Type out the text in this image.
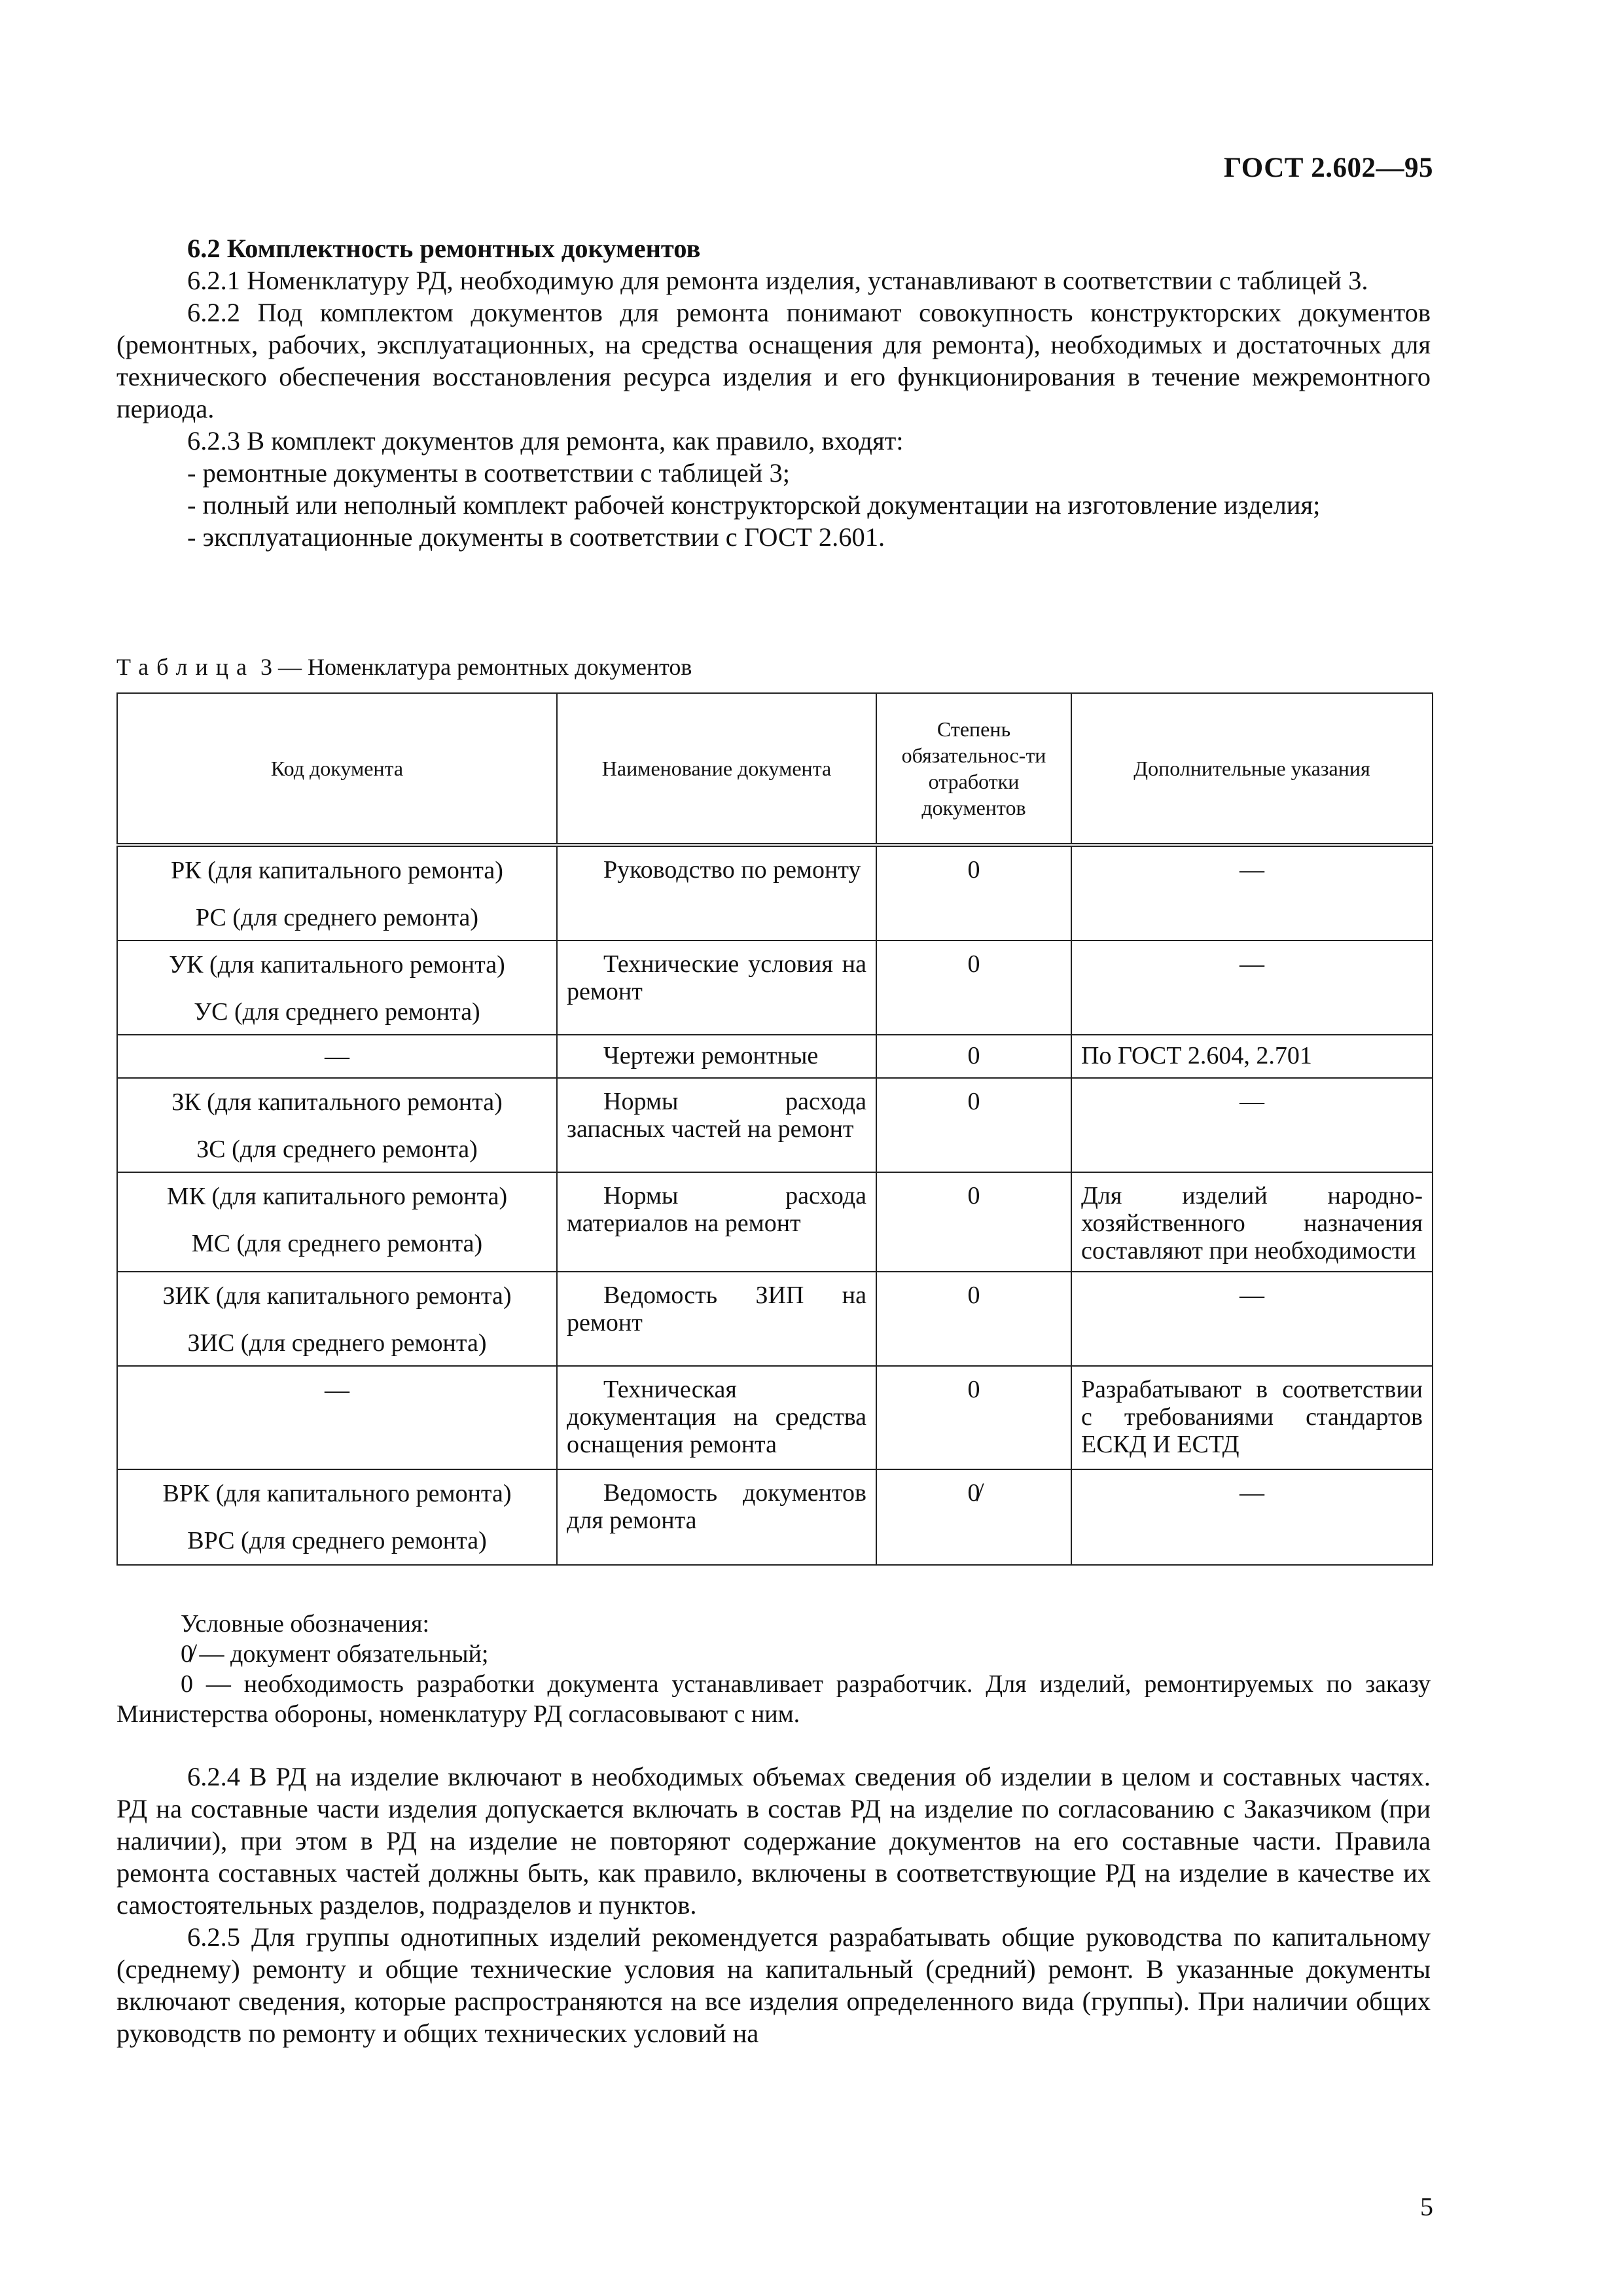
ГОСТ 2.602—95

6.2 Комплектность ремонтных документов

6.2.1 Номенклатуру РД, необходимую для ремонта изделия, устанавливают в соответствии с таблицей 3.

6.2.2 Под комплектом документов для ремонта понимают совокупность конструкторских документов (ремонтных, рабочих, эксплуатационных, на средства оснащения для ремонта), необходимых и достаточных для технического обеспечения восстановления ресурса изделия и его функционирования в течение межремонтного периода.

6.2.3 В комплект документов для ремонта, как правило, входят:

- ремонтные документы в соответствии с таблицей 3;

- полный или неполный комплект рабочей конструкторской документации на изготовление изделия;

- эксплуатационные документы в соответствии с ГОСТ 2.601.

Таблица 3 — Номенклатура ремонтных документов
Код документа	Наименование документа	Степень обязательнос-ти отработки документов	Дополнительные указания

РК (для капитального ремонта)
РС (для среднего ремонта)	Руководство по ремонту	0	—

УК (для капитального ремонта)
УС (для среднего ремонта)	Технические условия на ремонт	0	—

—	Чертежи ремонтные	0	По ГОСТ 2.604, 2.701

ЗК (для капитального ремонта)
ЗС (для среднего ремонта)	Нормы расхода запасных частей на ремонт	0	—

МК (для капитального ремонта)
МС (для среднего ремонта)	Нормы расхода материалов на ремонт	0	Для изделий народно-хозяйственного назначения составляют при необходимости

ЗИК (для капитального ремонта)
ЗИС (для среднего ремонта)	Ведомость ЗИП на ремонт	0	—

—	Техническая документация на средства оснащения ремонта	0	Разрабатывают в соответствии с требованиями стандартов ЕСКД И ЕСТД

ВРК (для капитального ремонта)
ВРС (для среднего ремонта)	Ведомость документов для ремонта	0̸	—

Условные обозначения:

0̸ — документ обязательный;

0 — необходимость разработки документа устанавливает разработчик. Для изделий, ремонтируемых по заказу Министерства обороны, номенклатуру РД согласовывают с ним.

6.2.4 В РД на изделие включают в необходимых объемах сведения об изделии в целом и составных частях. РД на составные части изделия допускается включать в состав РД на изделие по согласованию с Заказчиком (при наличии), при этом в РД на изделие не повторяют содержание документов на его составные части. Правила ремонта составных частей должны быть, как правило, включены в соответствующие РД на изделие в качестве их самостоятельных разделов, подразделов и пунктов.

6.2.5 Для группы однотипных изделий рекомендуется разрабатывать общие руководства по капитальному (среднему) ремонту и общие технические условия на капитальный (средний) ремонт. В указанные документы включают сведения, которые распространяются на все изделия определенного вида (группы). При наличии общих руководств по ремонту и общих технических условий на

5
